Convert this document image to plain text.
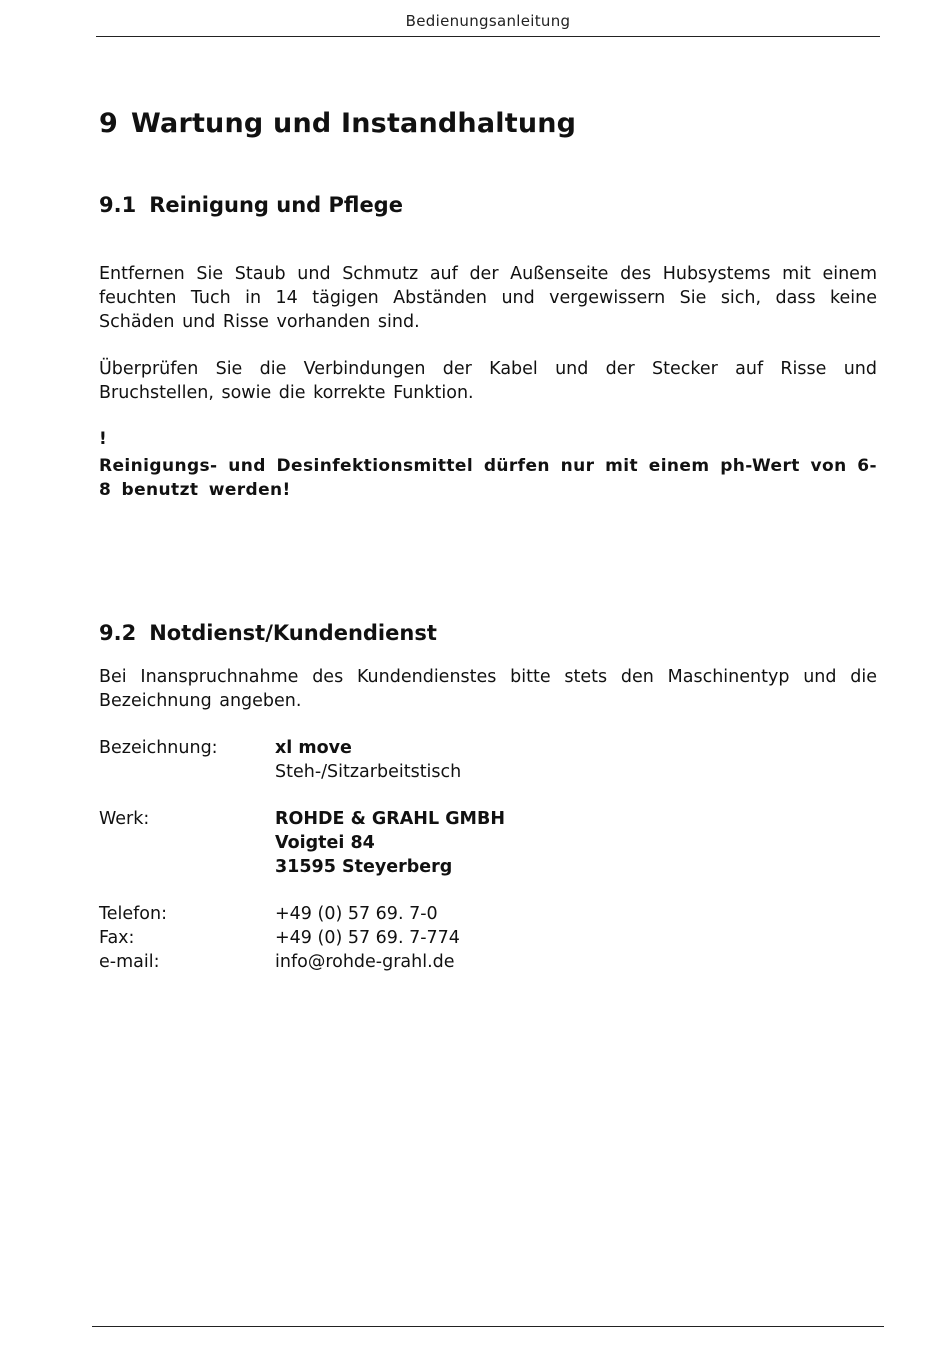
Bedienungsanleitung
9 Wartung und Instandhaltung
9.1 Reinigung und Pflege

Entfernen Sie Staub und Schmutz auf der Außenseite des Hubsystems mit einem feuchten Tuch in 14 tägigen Abständen und vergewissern Sie sich, dass keine Schäden und Risse vorhanden sind.

Überprüfen Sie die Verbindungen der Kabel und der Stecker auf Risse und Bruchstellen, sowie die korrekte Funktion.

!
Reinigungs- und Desinfektionsmittel dürfen nur mit einem ph-Wert von 6-8 benutzt werden!
9.2 Notdienst/Kundendienst

Bei Inanspruchnahme des Kundendienstes bitte stets den Maschinentyp und die Bezeichnung angeben.

Bezeichnung:	xl move
Steh-/Sitzarbeitstisch
Werk:	ROHDE & GRAHL GMBH
Voigtei 84
31595 Steyerberg
Telefon:	+49 (0) 57 69. 7-0
Fax:	+49 (0) 57 69. 7-774
e-mail:	info@rohde-grahl.de
